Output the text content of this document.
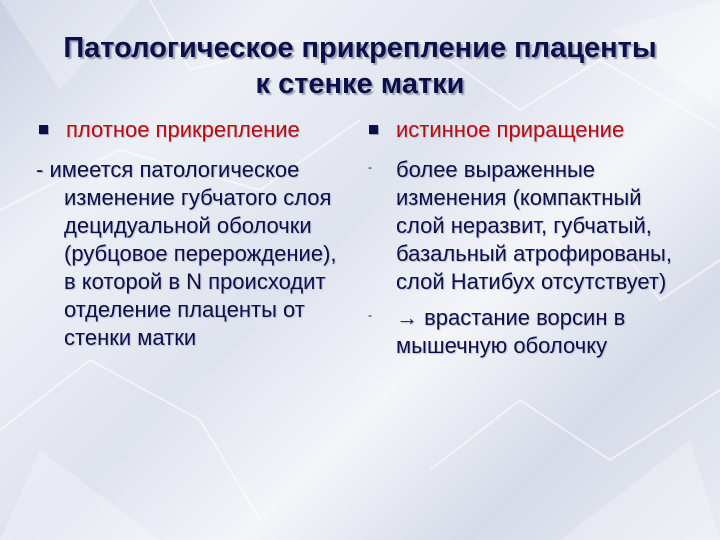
Патологическое прикрепление плаценты
к стенке матки
плотное прикрепление
- имеется патологическое изменение губчатого слоя децидуальной оболочки (рубцовое перерождение), в которой в N происходит отделение плаценты от стенки матки
истинное приращение
- более выраженные изменения (компактный слой неразвит, губчатый, базальный атрофированы, слой Натибух отсутствует)
- → врастание ворсин в мышечную оболочку
